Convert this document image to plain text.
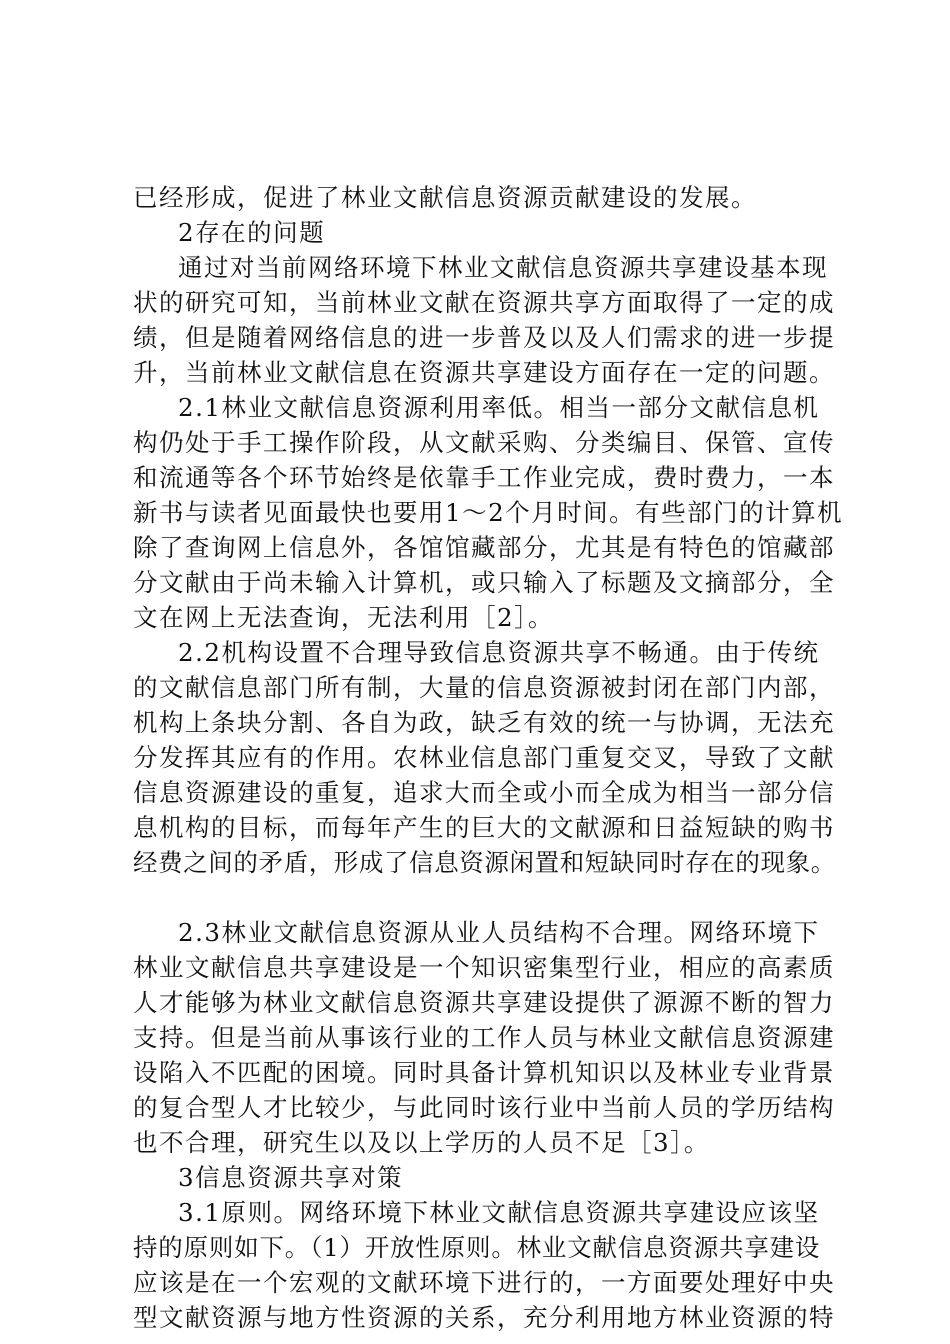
已经形成，促进了林业文献信息资源贡献建设的发展。
2存在的问题
通过对当前网络环境下林业文献信息资源共享建设基本现
状的研究可知，当前林业文献在资源共享方面取得了一定的成
绩，但是随着网络信息的进一步普及以及人们需求的进一步提
升，当前林业文献信息在资源共享建设方面存在一定的问题。
2.1林业文献信息资源利用率低。相当一部分文献信息机
构仍处于手工操作阶段，从文献采购、分类编目、保管、宣传
和流通等各个环节始终是依靠手工作业完成，费时费力，一本
新书与读者见面最快也要用1～2个月时间。有些部门的计算机
除了查询网上信息外，各馆馆藏部分，尤其是有特色的馆藏部
分文献由于尚未输入计算机，或只输入了标题及文摘部分，全
文在网上无法查询，无法利用［2］。
2.2机构设置不合理导致信息资源共享不畅通。由于传统
的文献信息部门所有制，大量的信息资源被封闭在部门内部，
机构上条块分割、各自为政，缺乏有效的统一与协调，无法充
分发挥其应有的作用。农林业信息部门重复交叉，导致了文献
信息资源建设的重复，追求大而全或小而全成为相当一部分信
息机构的目标，而每年产生的巨大的文献源和日益短缺的购书
经费之间的矛盾，形成了信息资源闲置和短缺同时存在的现象。
2.3林业文献信息资源从业人员结构不合理。网络环境下
林业文献信息共享建设是一个知识密集型行业，相应的高素质
人才能够为林业文献信息资源共享建设提供了源源不断的智力
支持。但是当前从事该行业的工作人员与林业文献信息资源建
设陷入不匹配的困境。同时具备计算机知识以及林业专业背景
的复合型人才比较少，与此同时该行业中当前人员的学历结构
也不合理，研究生以及以上学历的人员不足［3］。
3信息资源共享对策
3.1原则。网络环境下林业文献信息资源共享建设应该坚
持的原则如下。（1）开放性原则。林业文献信息资源共享建设
应该是在一个宏观的文献环境下进行的，一方面要处理好中央
型文献资源与地方性资源的关系，充分利用地方林业资源的特
